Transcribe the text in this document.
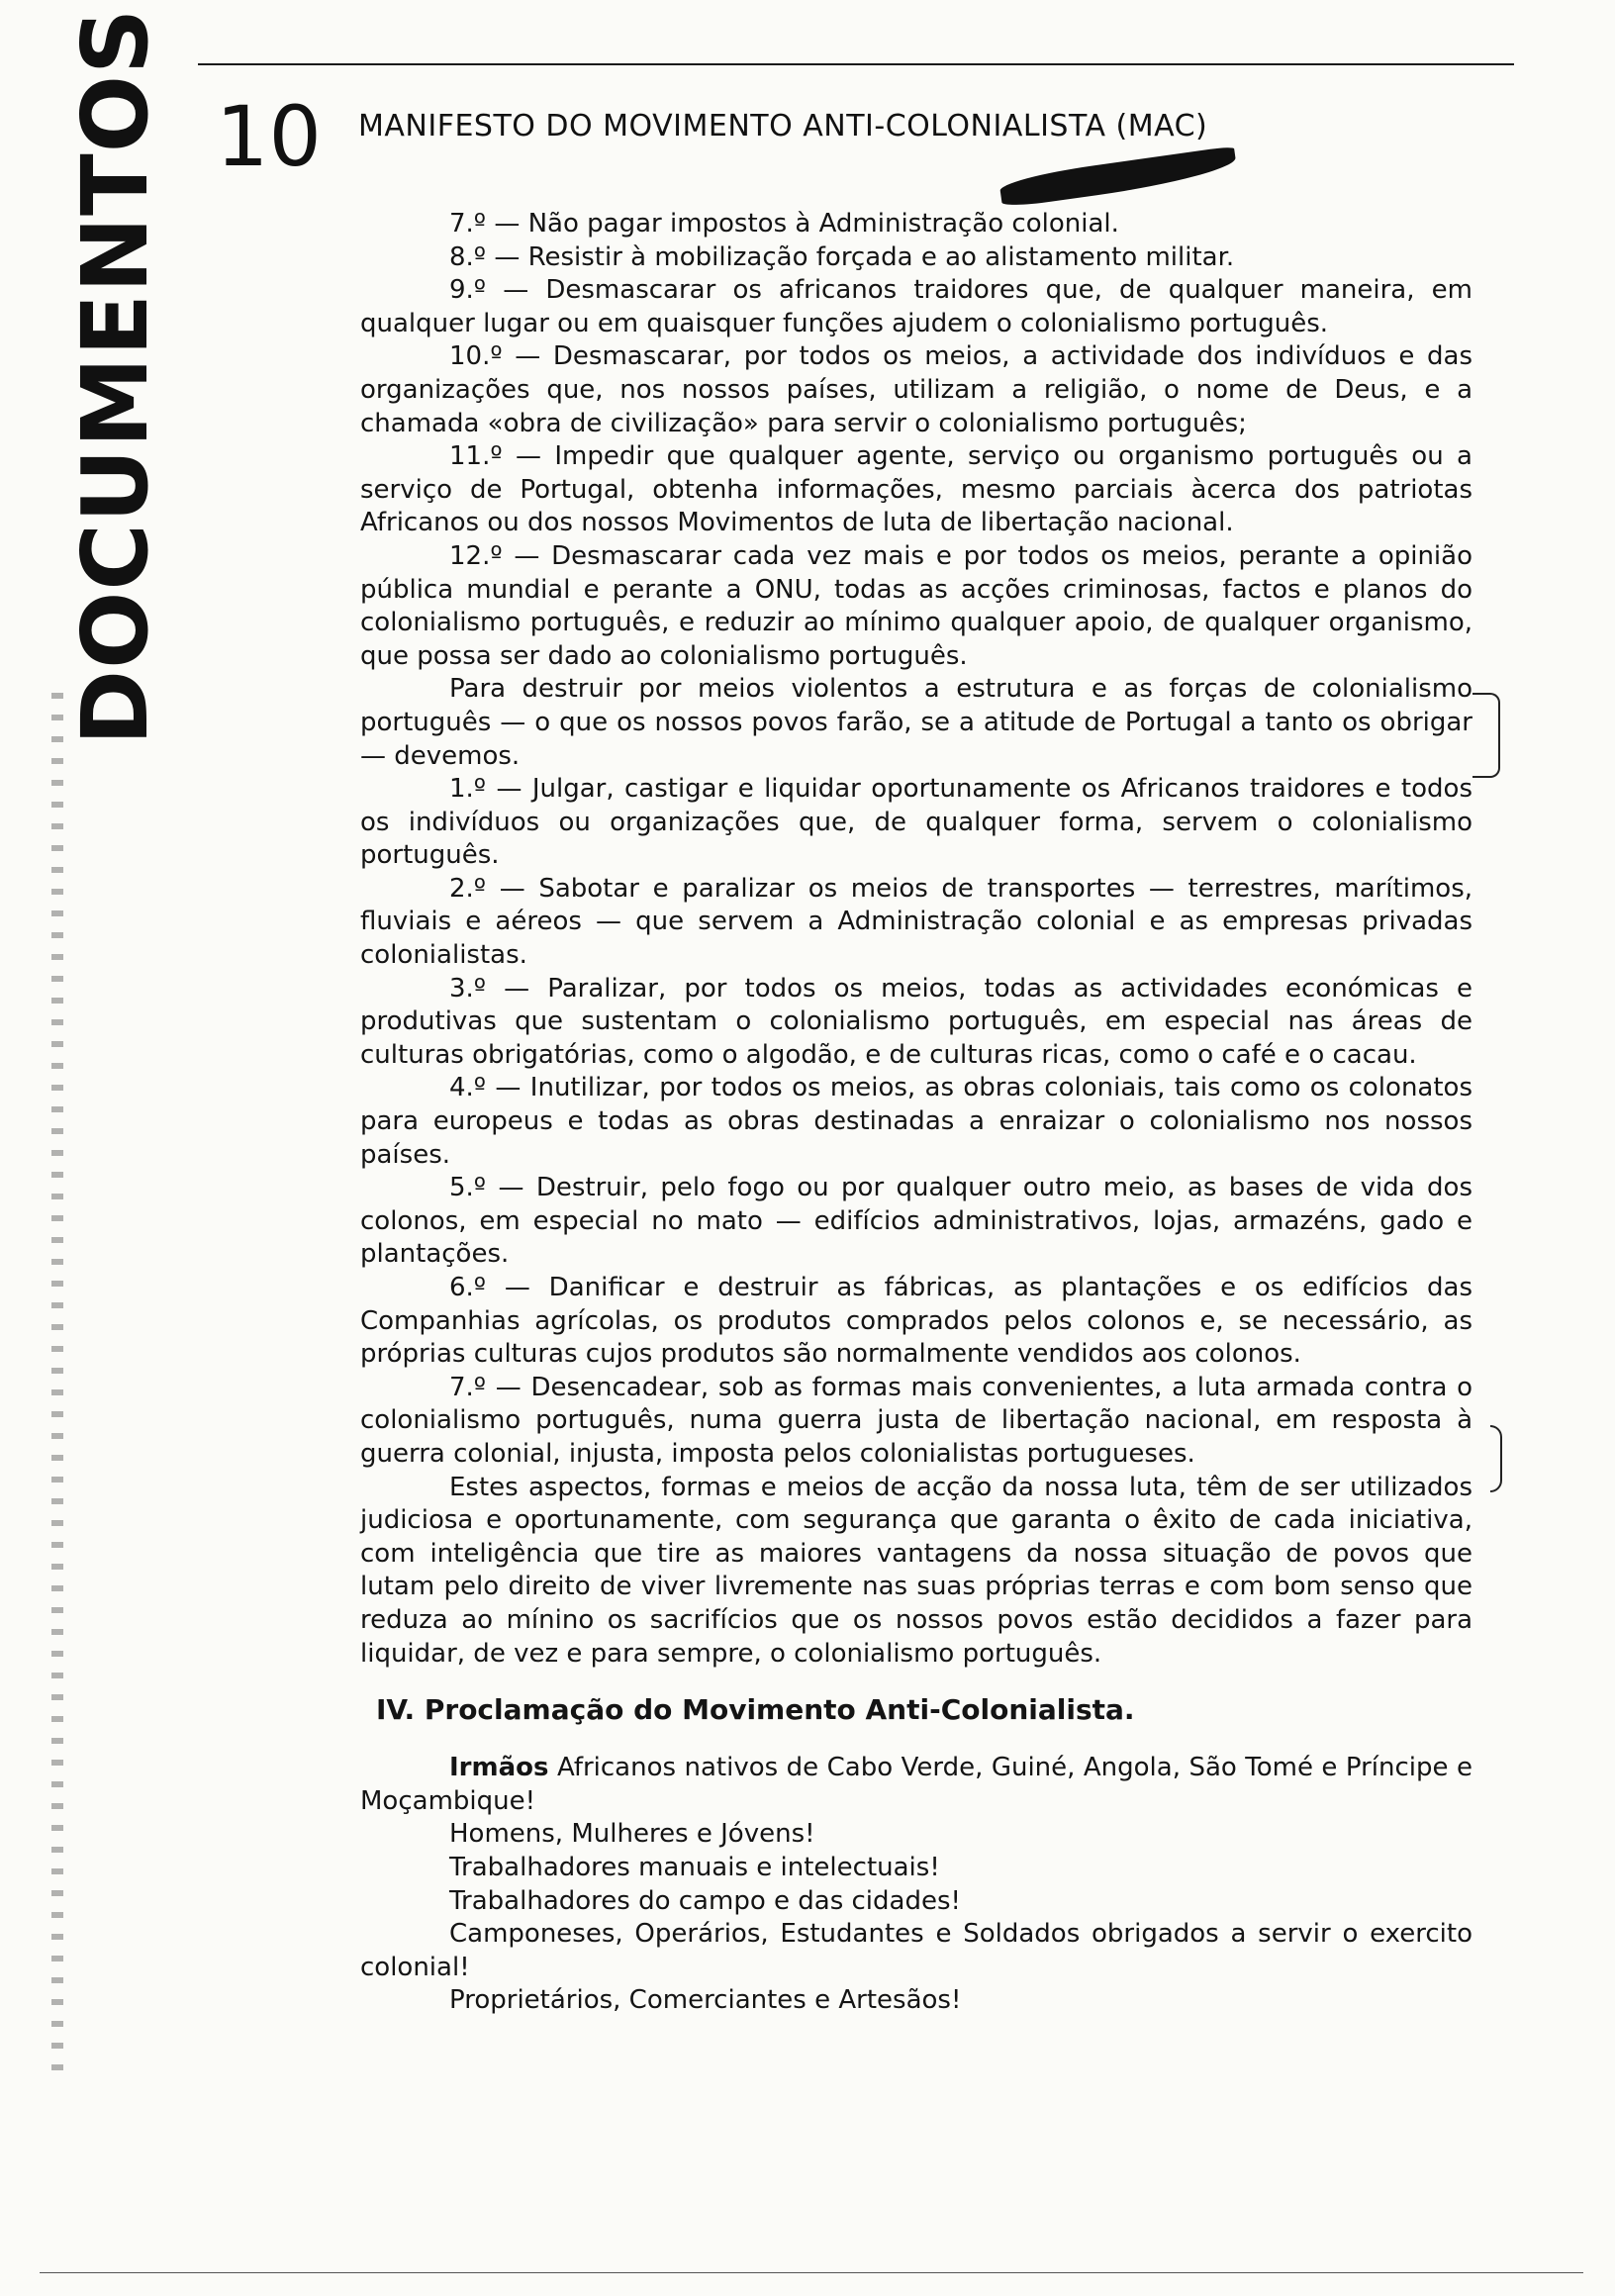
DOCUMENTOS 10 MANIFESTO DO MOVIMENTO ANTI-COLONIALISTA (MAC)

7.º — Não pagar impostos à Administração colonial.

8.º — Resistir à mobilização forçada e ao alistamento militar.

9.º — Desmascarar os africanos traidores que, de qualquer maneira, em qualquer lugar ou em quaisquer funções ajudem o colonialismo português.

10.º — Desmascarar, por todos os meios, a actividade dos indivíduos e das organizações que, nos nossos países, utilizam a religião, o nome de Deus, e a chamada «obra de civilização» para servir o colonialismo português;

11.º — Impedir que qualquer agente, serviço ou organismo português ou a serviço de Portugal, obtenha informações, mesmo parciais àcerca dos patriotas Africanos ou dos nossos Movimentos de luta de libertação nacional.

12.º — Desmascarar cada vez mais e por todos os meios, perante a opinião pública mundial e perante a ONU, todas as acções criminosas, factos e planos do colonialismo português, e reduzir ao mínimo qualquer apoio, de qualquer organismo, que possa ser dado ao colonialismo português.

Para destruir por meios violentos a estrutura e as forças de colonialismo português — o que os nossos povos farão, se a atitude de Portugal a tanto os obrigar — devemos.

1.º — Julgar, castigar e liquidar oportunamente os Africanos traidores e todos os indivíduos ou organizações que, de qualquer forma, servem o colonialismo português.

2.º — Sabotar e paralizar os meios de transportes — terrestres, marítimos, fluviais e aéreos — que servem a Administração colonial e as empresas privadas colonialistas.

3.º — Paralizar, por todos os meios, todas as actividades económicas e produtivas que sustentam o colonialismo português, em especial nas áreas de culturas obrigatórias, como o algodão, e de culturas ricas, como o café e o cacau.

4.º — Inutilizar, por todos os meios, as obras coloniais, tais como os colonatos para europeus e todas as obras destinadas a enraizar o colonialismo nos nossos países.

5.º — Destruir, pelo fogo ou por qualquer outro meio, as bases de vida dos colonos, em especial no mato — edifícios administrativos, lojas, armazéns, gado e plantações.

6.º — Danificar e destruir as fábricas, as plantações e os edifícios das Companhias agrícolas, os produtos comprados pelos colonos e, se necessário, as próprias culturas cujos produtos são normalmente vendidos aos colonos.

7.º — Desencadear, sob as formas mais convenientes, a luta armada contra o colonialismo português, numa guerra justa de libertação nacional, em resposta à guerra colonial, injusta, imposta pelos colonialistas portugueses.

Estes aspectos, formas e meios de acção da nossa luta, têm de ser utilizados judiciosa e oportunamente, com segurança que garanta o êxito de cada iniciativa, com inteligência que tire as maiores vantagens da nossa situação de povos que lutam pelo direito de viver livremente nas suas próprias terras e com bom senso que reduza ao mínino os sacrifícios que os nossos povos estão decididos a fazer para liquidar, de vez e para sempre, o colonialismo português.

IV. Proclamação do Movimento Anti-Colonialista.

Irmãos Africanos nativos de Cabo Verde, Guiné, Angola, São Tomé e Príncipe e Moçambique!

Homens, Mulheres e Jóvens!

Trabalhadores manuais e intelectuais!

Trabalhadores do campo e das cidades!

Camponeses, Operários, Estudantes e Soldados obrigados a servir o exercito colonial!

Proprietários, Comerciantes e Artesãos!
